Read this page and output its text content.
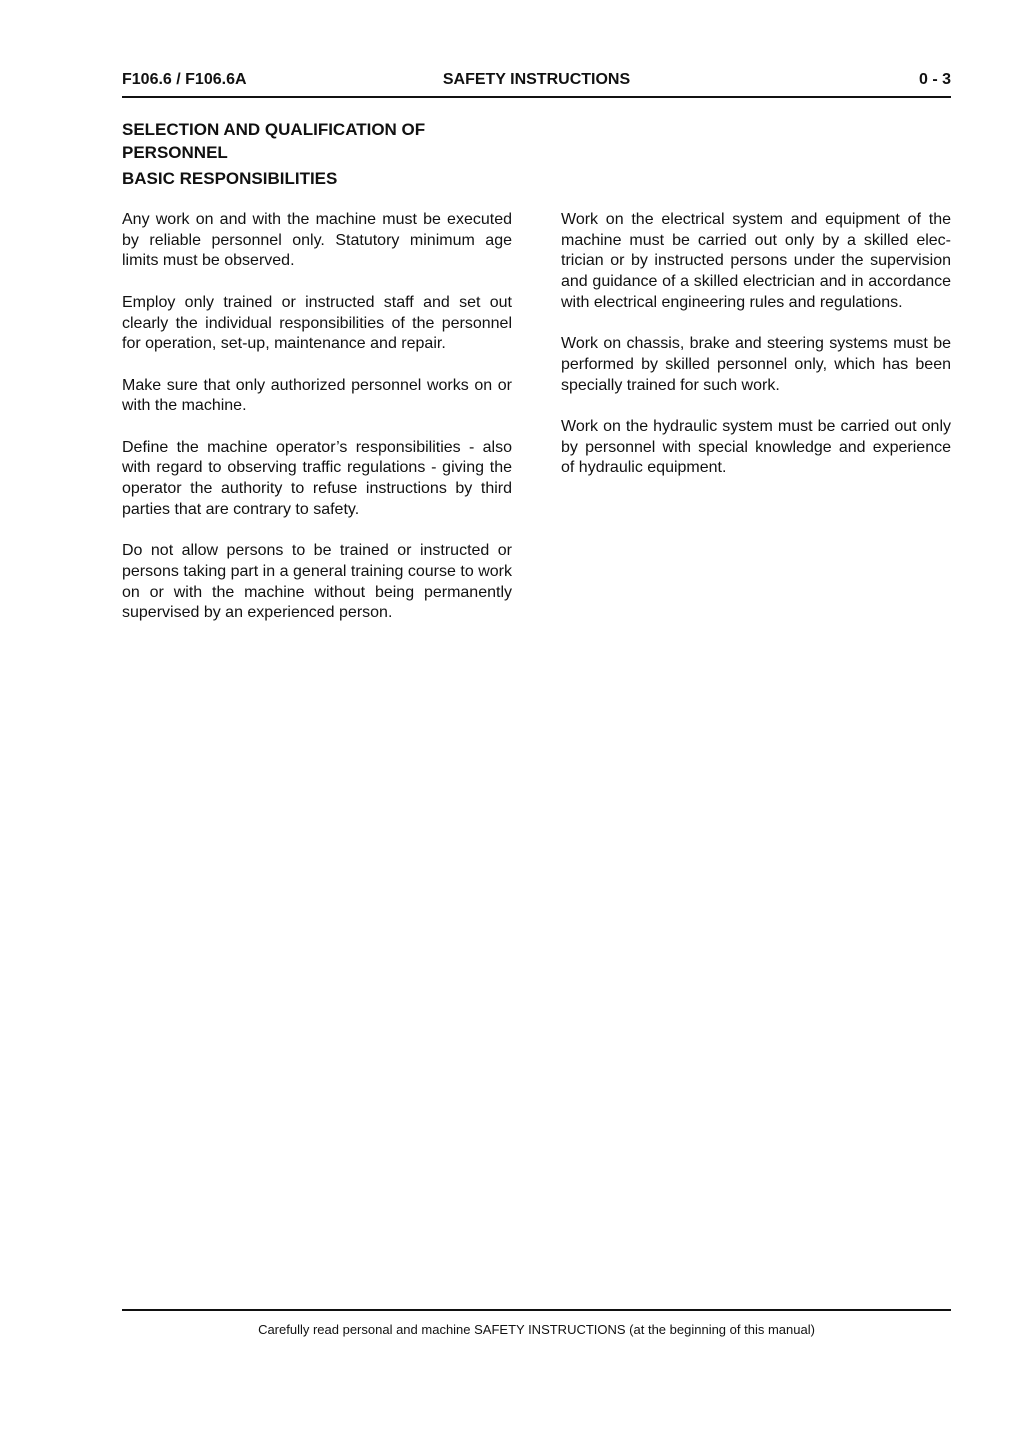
F106.6 / F106.6A	SAFETY INSTRUCTIONS	0 - 3
SELECTION AND QUALIFICATION OF PERSONNEL
BASIC RESPONSIBILITIES

Any work on and with the machine must be executed by reliable personnel only. Statutory minimum age limits must be observed.

Employ only trained or instructed staff and set out clearly the individual responsibilities of the personnel for operation, set-up, maintenance and repair.

Make sure that only authorized personnel works on or with the machine.

Define the machine operator’s responsibilities - also with regard to observing traffic regulations - giving the operator the authority to refuse instructions by third parties that are contrary to safety.

Do not allow persons to be trained or instructed or persons taking part in a general training course to work on or with the machine without being permanently supervised by an experienced person.

Work on the electrical system and equipment of the machine must be carried out only by a skilled electrician or by instructed persons under the supervision and guidance of a skilled electrician and in accordance with electrical engineering rules and regulations.

Work on chassis, brake and steering systems must be performed by skilled personnel only, which has been specially trained for such work.

Work on the hydraulic system must be carried out only by personnel with special knowledge and experience of hydraulic equipment.

Carefully read personal and machine SAFETY INSTRUCTIONS (at the beginning of this manual)
